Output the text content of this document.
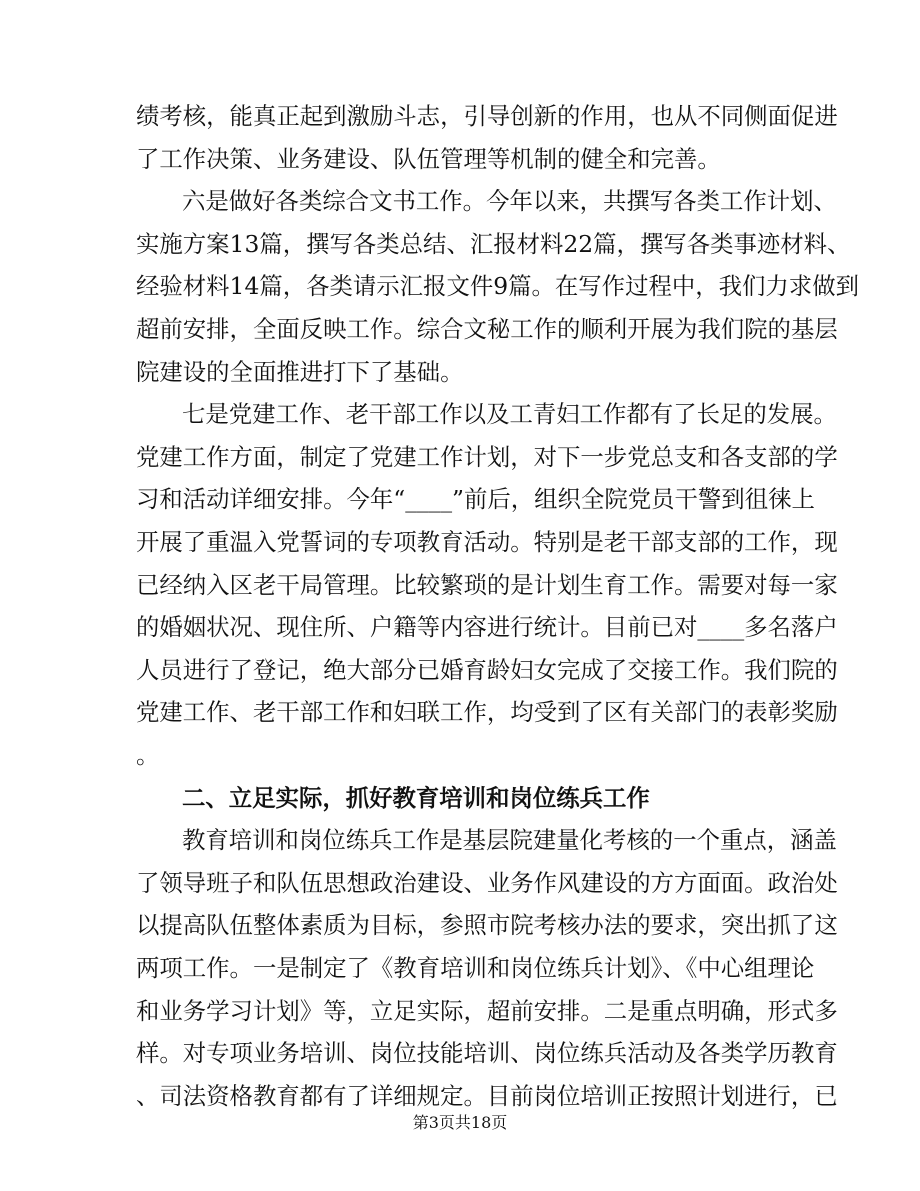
绩考核，能真正起到激励斗志，引导创新的作用，也从不同侧面促进
了工作决策、业务建设、队伍管理等机制的健全和完善。
六是做好各类综合文书工作。今年以来，共撰写各类工作计划、
实施方案13篇，撰写各类总结、汇报材料22篇，撰写各类事迹材料、
经验材料14篇，各类请示汇报文件9篇。在写作过程中，我们力求做到
超前安排，全面反映工作。综合文秘工作的顺利开展为我们院的基层
院建设的全面推进打下了基础。
七是党建工作、老干部工作以及工青妇工作都有了长足的发展。
党建工作方面，制定了党建工作计划，对下一步党总支和各支部的学
习和活动详细安排。今年“____”前后，组织全院党员干警到徂徕上
开展了重温入党誓词的专项教育活动。特别是老干部支部的工作，现
已经纳入区老干局管理。比较繁琐的是计划生育工作。需要对每一家
的婚姻状况、现住所、户籍等内容进行统计。目前已对____多名落户
人员进行了登记，绝大部分已婚育龄妇女完成了交接工作。我们院的
党建工作、老干部工作和妇联工作，均受到了区有关部门的表彰奖励
。
二、立足实际，抓好教育培训和岗位练兵工作
教育培训和岗位练兵工作是基层院建量化考核的一个重点，涵盖
了领导班子和队伍思想政治建设、业务作风建设的方方面面。政治处
以提高队伍整体素质为目标，参照市院考核办法的要求，突出抓了这
两项工作。一是制定了《教育培训和岗位练兵计划》、《中心组理论
和业务学习计划》等，立足实际，超前安排。二是重点明确，形式多
样。对专项业务培训、岗位技能培训、岗位练兵活动及各类学历教育
第3页共18页
、司法资格教育都有了详细规定。目前岗位培训正按照计划进行，已
